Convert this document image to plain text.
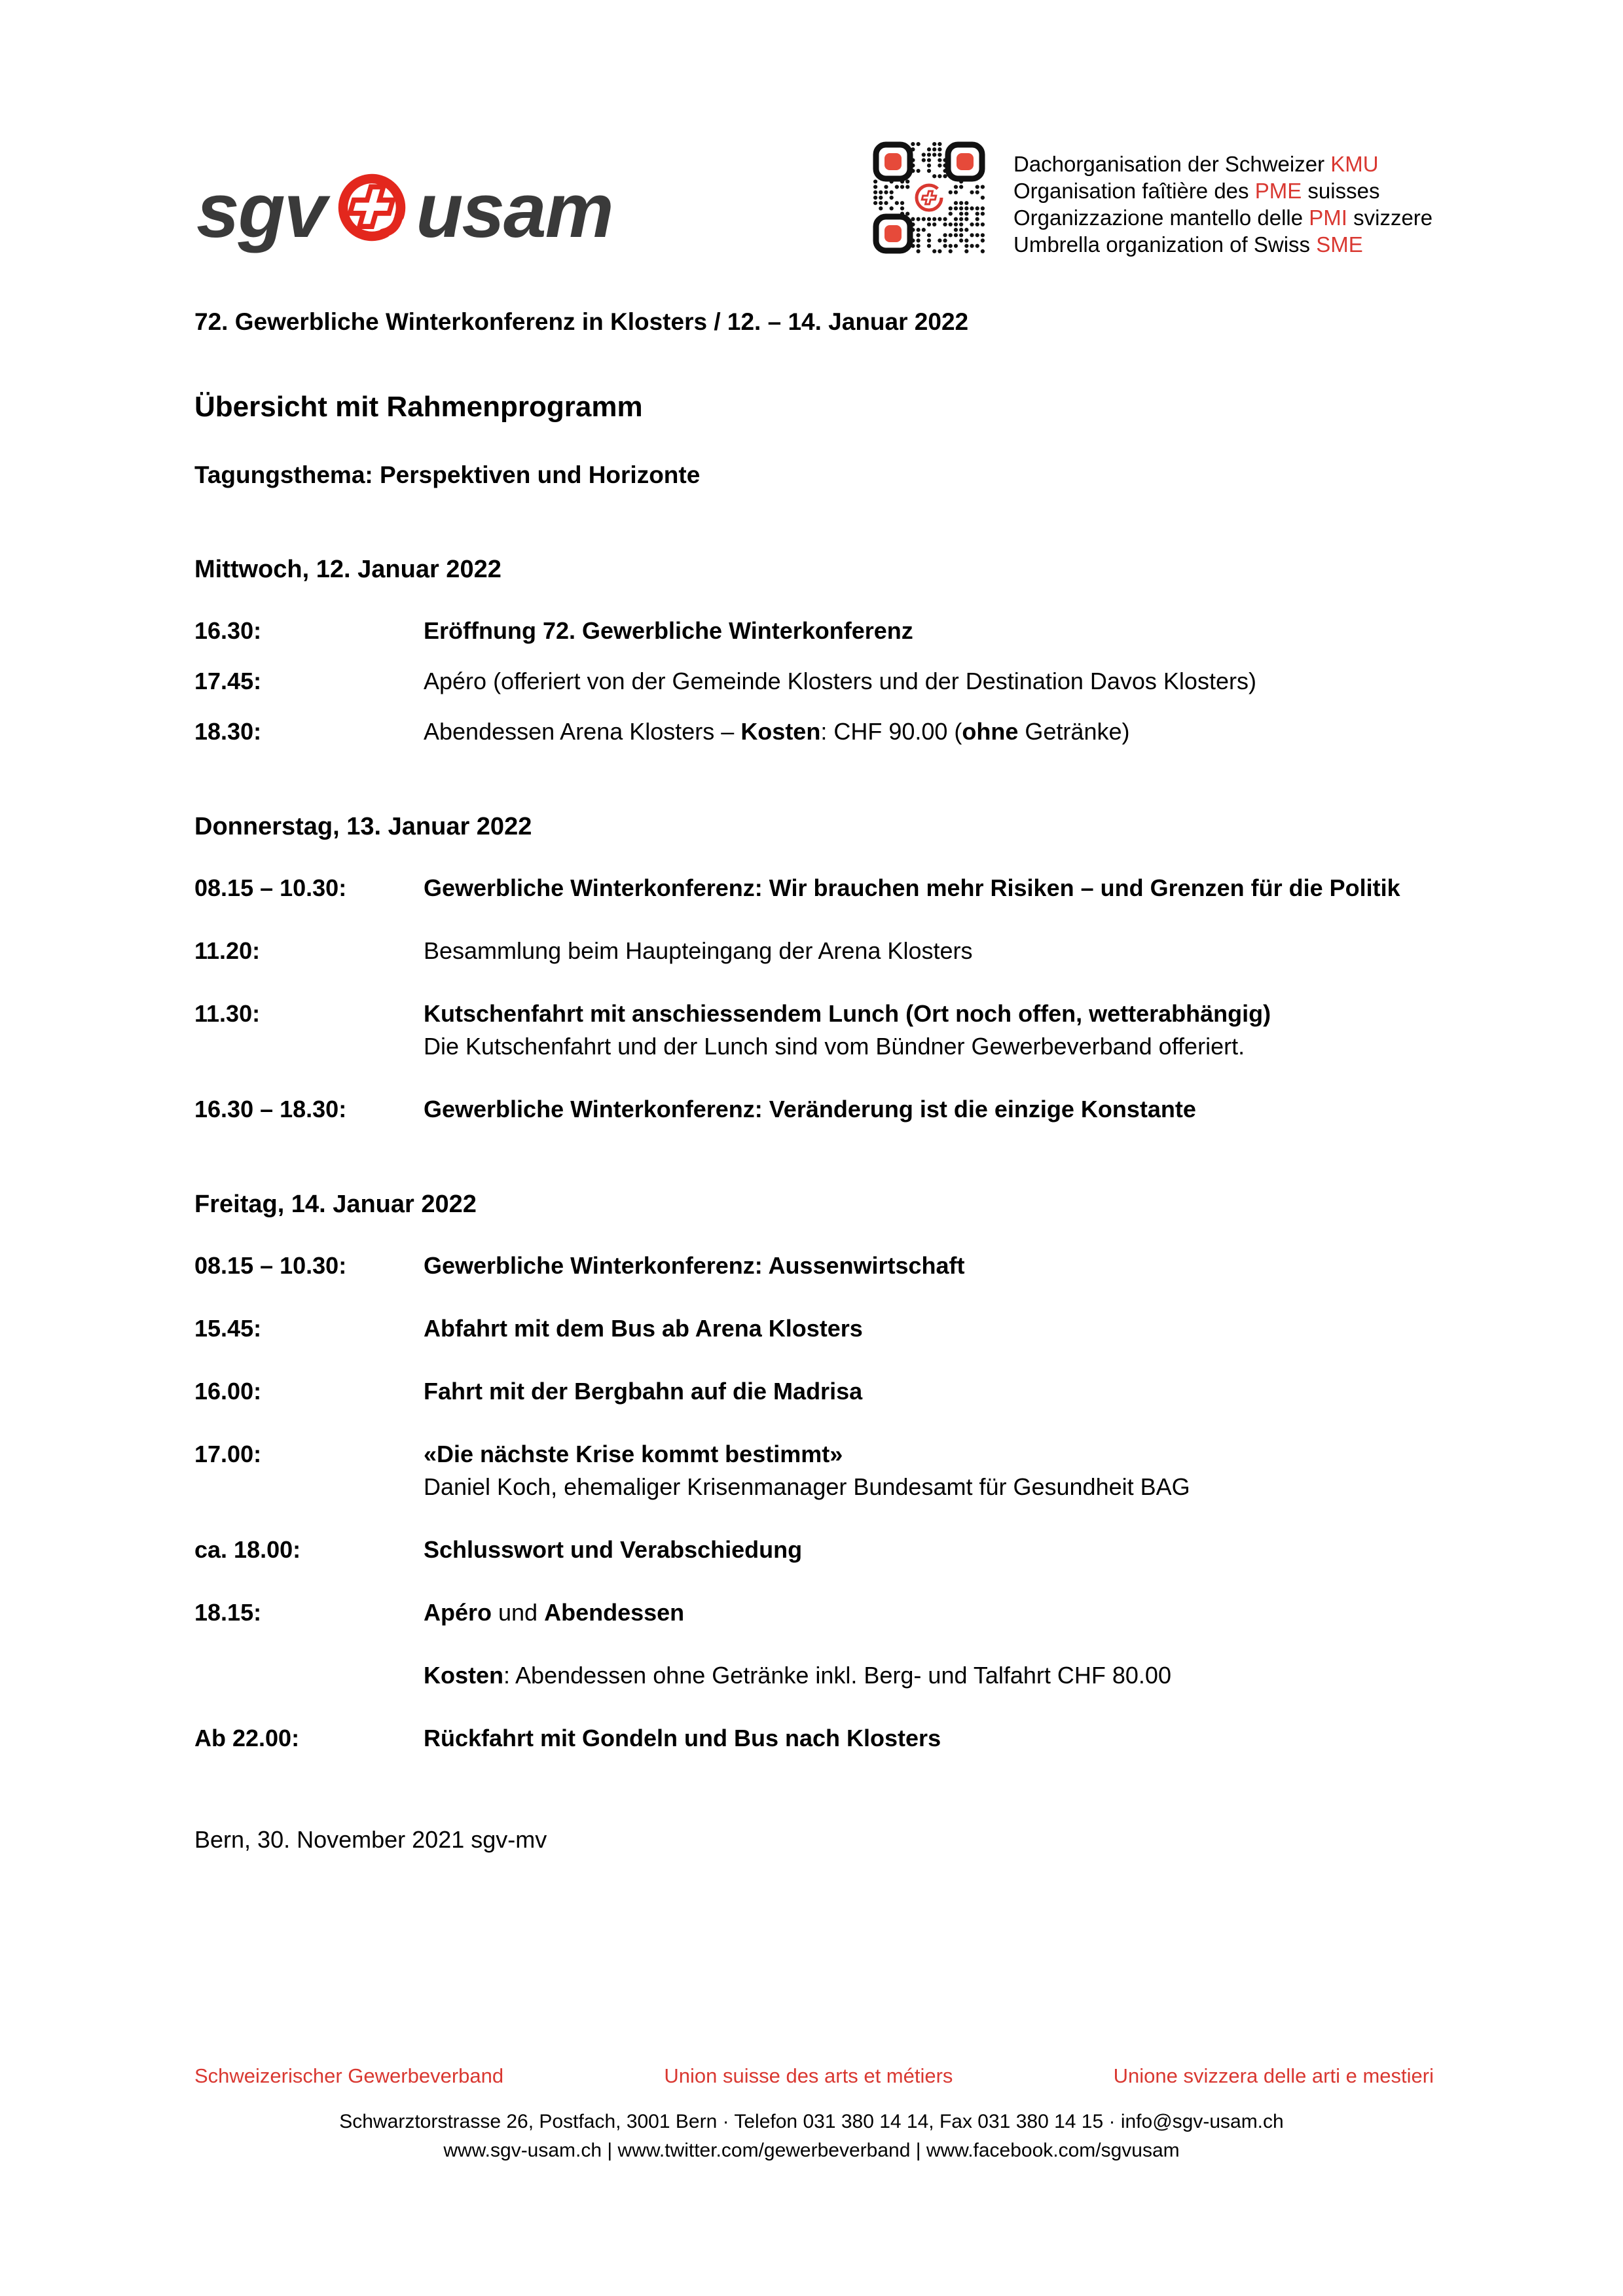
sgv usam
Dachorganisation der Schweizer KMU
Organisation faîtière des PME suisses
Organizzazione mantello delle PMI svizzere
Umbrella organization of Swiss SME
72. Gewerbliche Winterkonferenz in Klosters / 12. – 14. Januar 2022
Übersicht mit Rahmenprogramm
Tagungsthema: Perspektiven und Horizonte
Mittwoch, 12. Januar 2022
16.30:	Eröffnung 72. Gewerbliche Winterkonferenz
17.45:	Apéro (offeriert von der Gemeinde Klosters und der Destination Davos Klosters)
18.30:	Abendessen Arena Klosters – Kosten: CHF 90.00 (ohne Getränke)
Donnerstag, 13. Januar 2022
08.15 – 10.30:	Gewerbliche Winterkonferenz: Wir brauchen mehr Risiken – und Grenzen für die Politik
11.20:	Besammlung beim Haupteingang der Arena Klosters
11.30:	Kutschenfahrt mit anschiessendem Lunch (Ort noch offen, wetterabhängig)
Die Kutschenfahrt und der Lunch sind vom Bündner Gewerbeverband offeriert.
16.30 – 18.30:	Gewerbliche Winterkonferenz: Veränderung ist die einzige Konstante
Freitag, 14. Januar 2022
08.15 – 10.30:	Gewerbliche Winterkonferenz: Aussenwirtschaft
15.45:	Abfahrt mit dem Bus ab Arena Klosters
16.00:	Fahrt mit der Bergbahn auf die Madrisa
17.00:	«Die nächste Krise kommt bestimmt»
Daniel Koch, ehemaliger Krisenmanager Bundesamt für Gesundheit BAG
ca. 18.00:	Schlusswort und Verabschiedung
18.15:	Apéro und Abendessen
Kosten: Abendessen ohne Getränke inkl. Berg- und Talfahrt CHF 80.00
Ab 22.00:	Rückfahrt mit Gondeln und Bus nach Klosters
Bern, 30. November 2021 sgv-mv
Schweizerischer Gewerbeverband	Union suisse des arts et métiers	Unione svizzera delle arti e mestieri
Schwarztorstrasse 26, Postfach, 3001 Bern · Telefon 031 380 14 14, Fax 031 380 14 15 · info@sgv-usam.ch
www.sgv-usam.ch | www.twitter.com/gewerbeverband | www.facebook.com/sgvusam
